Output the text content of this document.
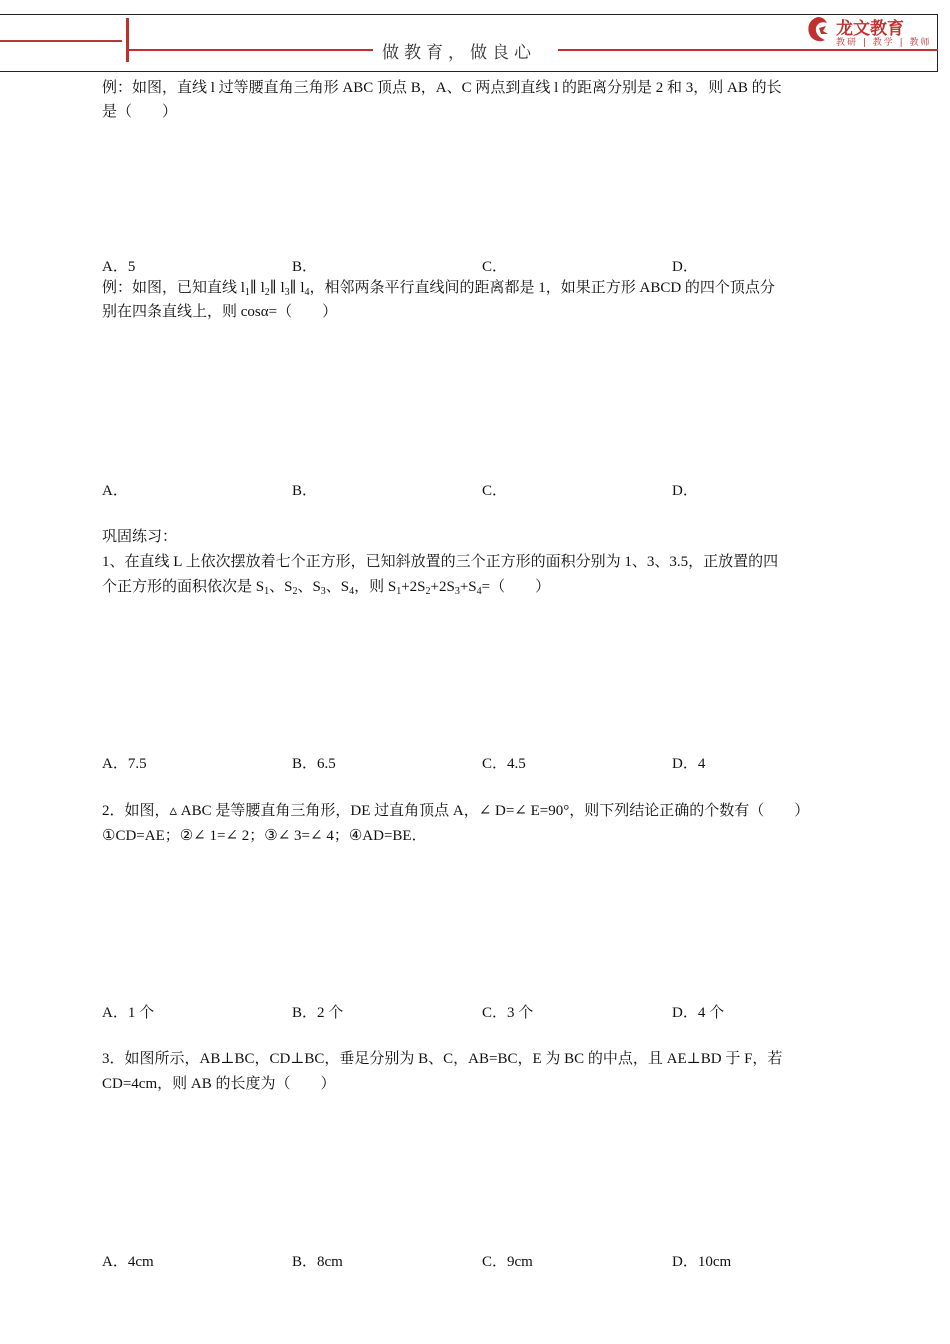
做教育，做良心
龙文教育
教研 | 教学 | 教师
例：如图，直线 l 过等腰直角三角形 ABC 顶点 B，A、C 两点到直线 l 的距离分别是 2 和 3，则 AB 的长
是（　　）
A．5	B．	C．	D．
例：如图，已知直线 $l_1\parallel$ $l_2\parallel$ $l_3\parallel$ $l_4$，相邻两条平行直线间的距离都是 1，如果正方形 ABCD 的四个顶点分
别在四条直线上，则 cosα=（　　）
A．	B．	C．	D．
巩固练习：
1、在直线 L 上依次摆放着七个正方形，已知斜放置的三个正方形的面积分别为 1、3、3.5，正放置的四
个正方形的面积依次是 $S_1$、$S_2$、$S_3$、$S_4$，则 $S_1+2S_2+2S_3+S_4=$（　　）
A．7.5	B．6.5	C．4.5	D．4
2．如图，▵ ABC 是等腰直角三角形，DE 过直角顶点 A，∠ D=∠ E=90°，则下列结论正确的个数有（　　）
①CD=AE；②∠ 1=∠ 2；③∠ 3=∠ 4；④AD=BE．
A．1 个	B．2 个	C．3 个	D．4 个
3．如图所示，AB⊥BC，CD⊥BC，垂足分别为 B、C，AB=BC，E 为 BC 的中点，且 AE⊥BD 于 F，若
CD=4cm，则 AB 的长度为（　　）
A．4cm	B．8cm	C．9cm	D．10cm
